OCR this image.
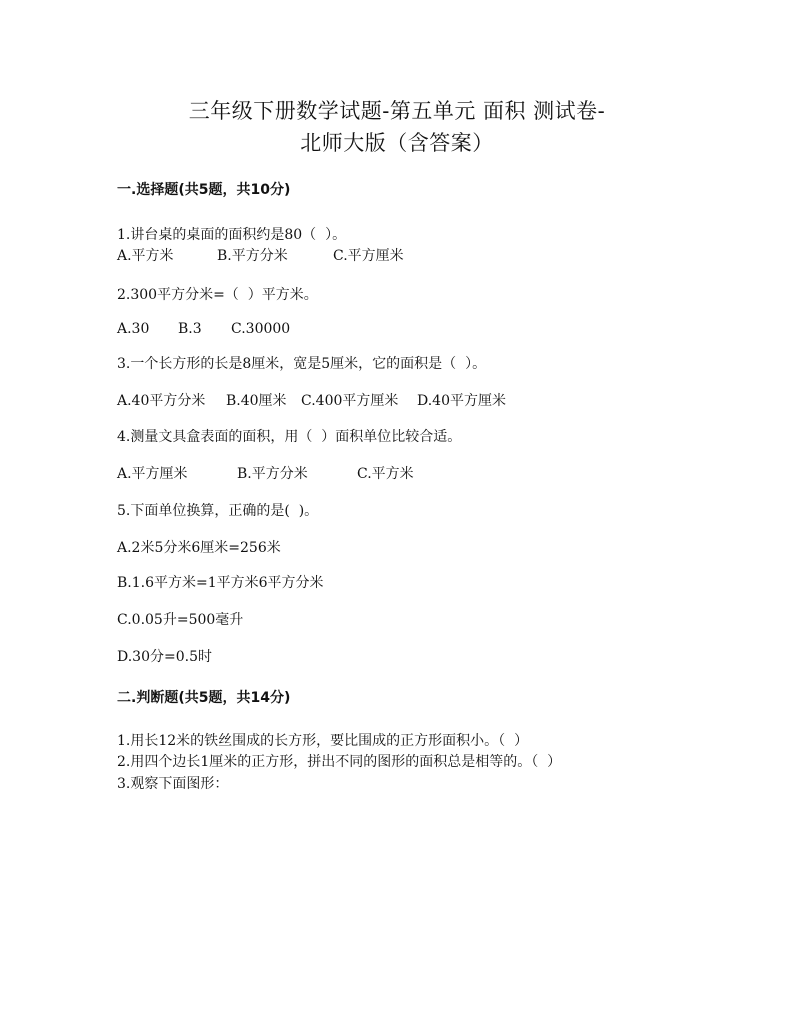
三年级下册数学试题-第五单元 面积 测试卷-
北师大版（含答案）
一.选择题(共5题，共10分)
1.讲台桌的桌面的面积约是80（  ）。
A.平方米	B.平方分米	C.平方厘米
2.300平方分米=（  ）平方米。
A.30 B.3 C.30000
3.一个长方形的长是8厘米，宽是5厘米，它的面积是（  ）。
A.40平方分米 B.40厘米 C.400平方厘米 D.40平方厘米
4.测量文具盒表面的面积，用（  ）面积单位比较合适。
A.平方厘米	B.平方分米	C.平方米
5.下面单位换算，正确的是(  )。
A.2米5分米6厘米=256米
B.1.6平方米=1平方米6平方分米
C.0.05升=500毫升
D.30分=0.5时
二.判断题(共5题，共14分)
1.用长12米的铁丝围成的长方形，要比围成的正方形面积小。（  ）
2.用四个边长1厘米的正方形，拼出不同的图形的面积总是相等的。（  ）
3.观察下面图形：
